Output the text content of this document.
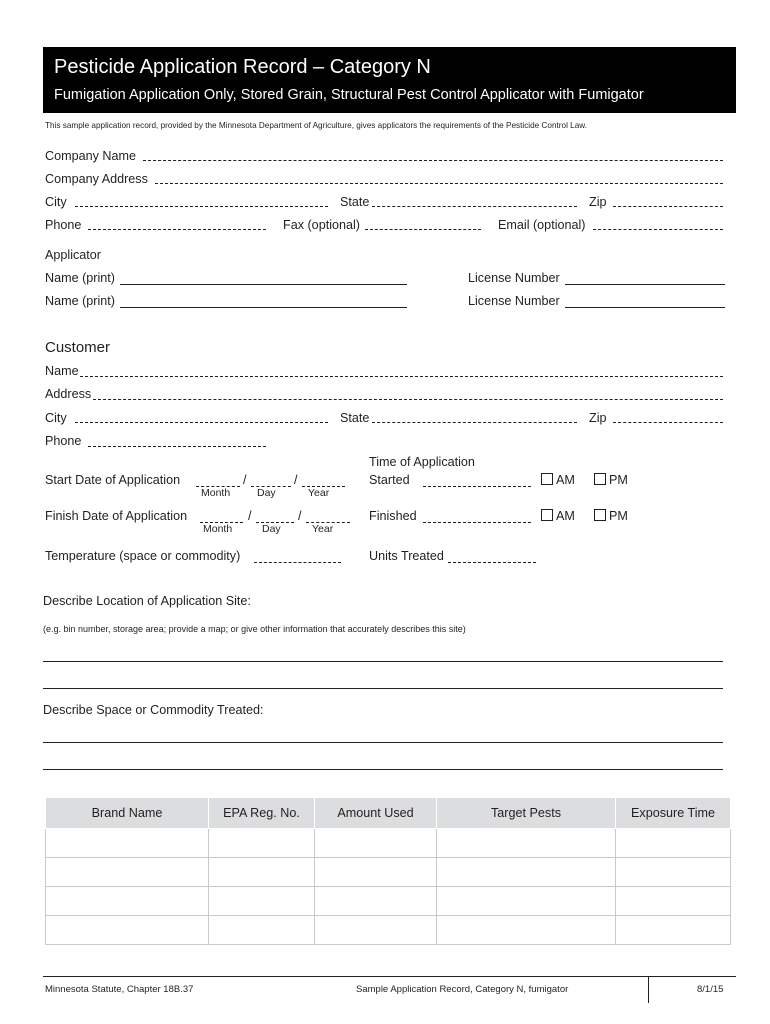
Pesticide Application Record – Category N
Fumigation Application Only, Stored Grain, Structural Pest Control Applicator with Fumigator
This sample application record, provided by the Minnesota Department of Agriculture, gives applicators the requirements of the Pesticide Control Law.
Company Name
Company Address
City	State	Zip
Phone	Fax (optional)	Email (optional)
Applicator
Name (print)	License Number
Name (print)	License Number
Customer
Name
Address
City	State	Zip
Phone
Time of Application
Start Date of Application	/	/
Month	Day	Year
Started	AM	PM
Finish Date of Application	/	/
Month	Day	Year
Finished	AM	PM
Temperature (space or commodity)	Units Treated
Describe Location of Application Site:
(e.g. bin number, storage area; provide a map; or give other information that accurately describes this site)
Describe Space or Commodity Treated:
Brand Name	EPA Reg. No.	Amount Used	Target Pests	Exposure Time

Minnesota Statute, Chapter 18B.37	Sample Application Record, Category N, fumigator	8/1/15
